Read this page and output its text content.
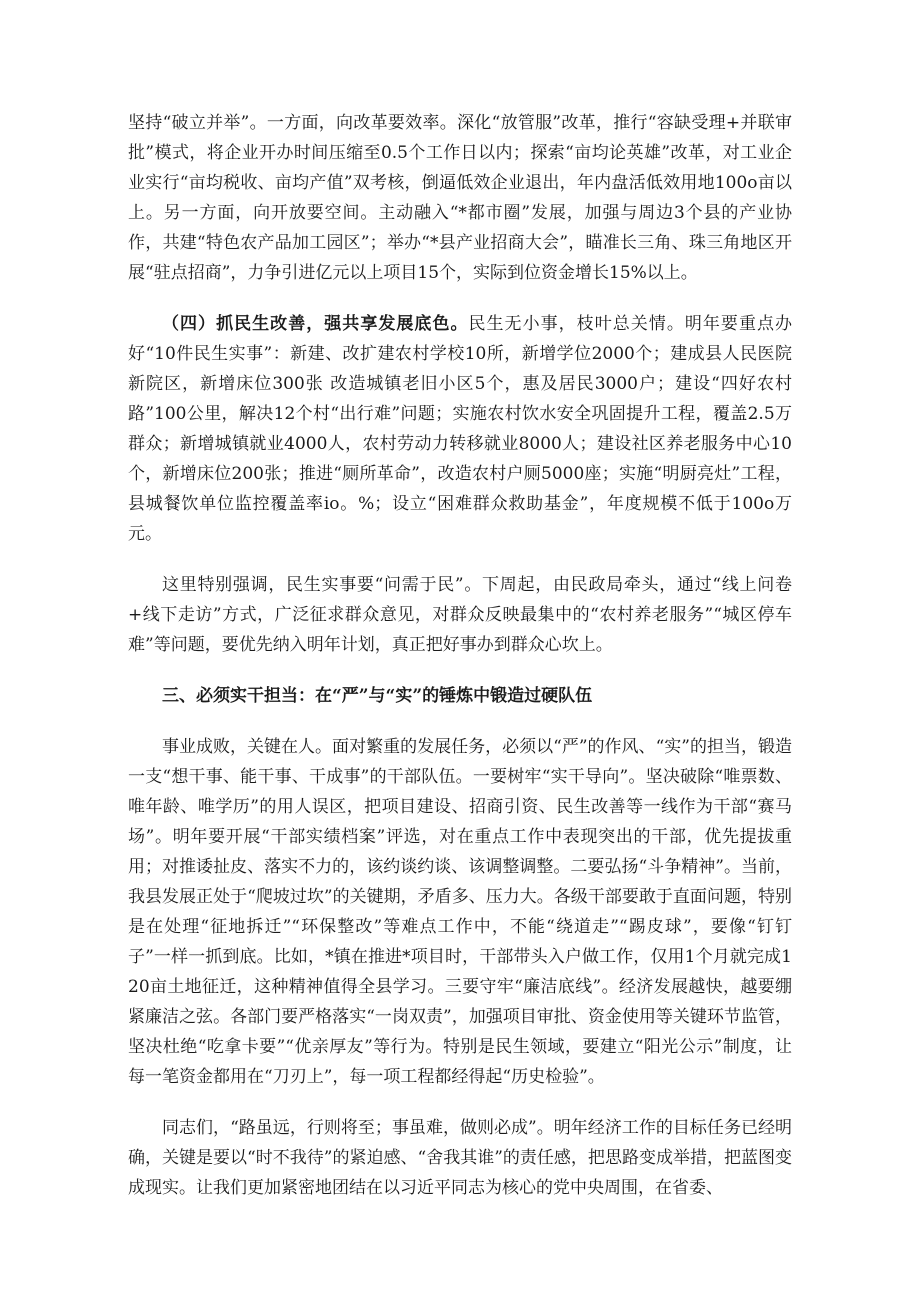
坚持“破立并举”。一方面，向改革要效率。深化“放管服”改革，推行“容缺受理+并联审批”模式，将企业开办时间压缩至0.5个工作日以内；探索“亩均论英雄”改革，对工业企业实行“亩均税收、亩均产值”双考核，倒逼低效企业退出，年内盘活低效用地100o亩以上。另一方面，向开放要空间。主动融入“*都市圈”发展，加强与周边3个县的产业协作，共建“特色农产品加工园区”；举办“*县产业招商大会”，瞄准长三角、珠三角地区开展“驻点招商”，力争引进亿元以上项目15个，实际到位资金增长15%以上。

（四）抓民生改善，强共享发展底色。民生无小事，枝叶总关情。明年要重点办好“10件民生实事”：新建、改扩建农村学校10所，新增学位2000个；建成县人民医院新院区，新增床位300张 改造城镇老旧小区5个，惠及居民3000户；建设“四好农村路”100公里，解决12个村“出行难”问题；实施农村饮水安全巩固提升工程，覆盖2.5万群众；新增城镇就业4000人，农村劳动力转移就业8000人；建设社区养老服务中心10个，新增床位200张；推进“厕所革命”，改造农村户厕5000座；实施“明厨亮灶”工程，县城餐饮单位监控覆盖率io。%；设立“困难群众救助基金”，年度规模不低于100o万元。

这里特别强调，民生实事要“问需于民”。下周起，由民政局牵头，通过“线上问卷+线下走访”方式，广泛征求群众意见，对群众反映最集中的“农村养老服务”“城区停车难”等问题，要优先纳入明年计划，真正把好事办到群众心坎上。

三、必须实干担当：在“严”与“实”的锤炼中锻造过硬队伍

事业成败，关键在人。面对繁重的发展任务，必须以“严”的作风、“实”的担当，锻造一支“想干事、能干事、干成事”的干部队伍。一要树牢“实干导向”。坚决破除“唯票数、唯年龄、唯学历”的用人误区，把项目建设、招商引资、民生改善等一线作为干部“赛马场”。明年要开展“干部实绩档案”评选，对在重点工作中表现突出的干部，优先提拔重用；对推诿扯皮、落实不力的，该约谈约谈、该调整调整。二要弘扬“斗争精神”。当前，我县发展正处于“爬坡过坎”的关键期，矛盾多、压力大。各级干部要敢于直面问题，特别是在处理“征地拆迁”“环保整改”等难点工作中，不能“绕道走”“踢皮球”，要像“钉钉子”一样一抓到底。比如，*镇在推进*项目时，干部带头入户做工作，仅用1个月就完成120亩土地征迁，这种精神值得全县学习。三要守牢“廉洁底线”。经济发展越快，越要绷紧廉洁之弦。各部门要严格落实“一岗双责”，加强项目审批、资金使用等关键环节监管，坚决杜绝“吃拿卡要”“优亲厚友”等行为。特别是民生领域，要建立“阳光公示”制度，让每一笔资金都用在“刀刃上”，每一项工程都经得起“历史检验”。

同志们，“路虽远，行则将至；事虽难，做则必成”。明年经济工作的目标任务已经明确，关键是要以“时不我待”的紧迫感、“舍我其谁”的责任感，把思路变成举措，把蓝图变成现实。让我们更加紧密地团结在以习近平同志为核心的党中央周围，在省委、
